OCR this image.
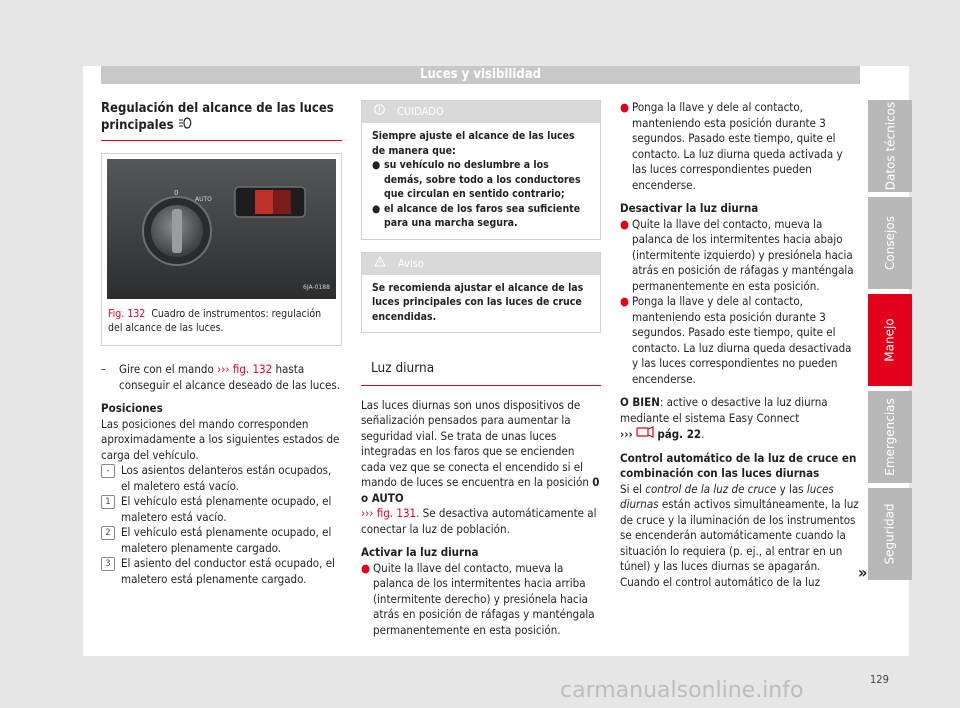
Luces y visibilidad
Datos técnicos
Consejos
Manejo
Emergencias
Seguridad
Regulación del alcance de las luces principales
0
AUTO
6JA-0188
Fig. 132 Cuadro de instrumentos: regulación del alcance de las luces.
–	Gire con el mando ››› fig. 132 hasta conseguir el alcance deseado de las luces.

Posiciones

Las posiciones del mando corresponden aproximadamente a los siguientes estados de carga del vehículo.

-	Los asientos delanteros están ocupados, el maletero está vacío.
1 El vehículo está plenamente ocupado, el maletero está vacío.
2 El vehículo está plenamente ocupado, el maletero plenamente cargado.
3 El asiento del conductor está ocupado, el maletero está plenamente cargado.
CUIDADO

Siempre ajuste el alcance de las luces de manera que:

● su vehículo no deslumbre a los demás, sobre todo a los conductores que circulan en sentido contrario;
● el alcance de los faros sea suficiente para una marcha segura.
Aviso
Se recomienda ajustar el alcance de las luces principales con las luces de cruce encendidas.
Luz diurna

Las luces diurnas son unos dispositivos de señalización pensados para aumentar la seguridad vial. Se trata de unas luces integradas en los faros que se encienden cada vez que se conecta el encendido si el mando de luces se encuentra en la posición 0 o AUTO
››› fig. 131. Se desactiva automáticamente al conectar la luz de población.

Activar la luz diurna

● Quite la llave del contacto, mueva la palanca de los intermitentes hacia arriba (intermitente derecho) y presiónela hacia atrás en posición de ráfagas y manténgala permanentemente en esta posición.
● Ponga la llave y dele al contacto, manteniendo esta posición durante 3 segundos. Pasado este tiempo, quite el contacto. La luz diurna queda activada y las luces correspondientes pueden encenderse.

Desactivar la luz diurna

● Quite la llave del contacto, mueva la palanca de los intermitentes hacia abajo (intermitente izquierdo) y presiónela hacia atrás en posición de ráfagas y manténgala permanentemente en esta posición.
● Ponga la llave y dele al contacto, manteniendo esta posición durante 3 segundos. Pasado este tiempo, quite el contacto. La luz diurna queda desactivada y las luces correspondientes no pueden encenderse.

O BIEN: active o desactive la luz diurna mediante el sistema Easy Connect
››› pág. 22.

Control automático de la luz de cruce en combinación con las luces diurnas

Si el control de la luz de cruce y las luces diurnas están activos simultáneamente, la luz de cruce y la iluminación de los instrumentos se encenderán automáticamente cuando la situación lo requiera (p. ej., al entrar en un túnel) y las luces diurnas se apagarán. Cuando el control automático de la luz	»
129
carmanualsonline.info
